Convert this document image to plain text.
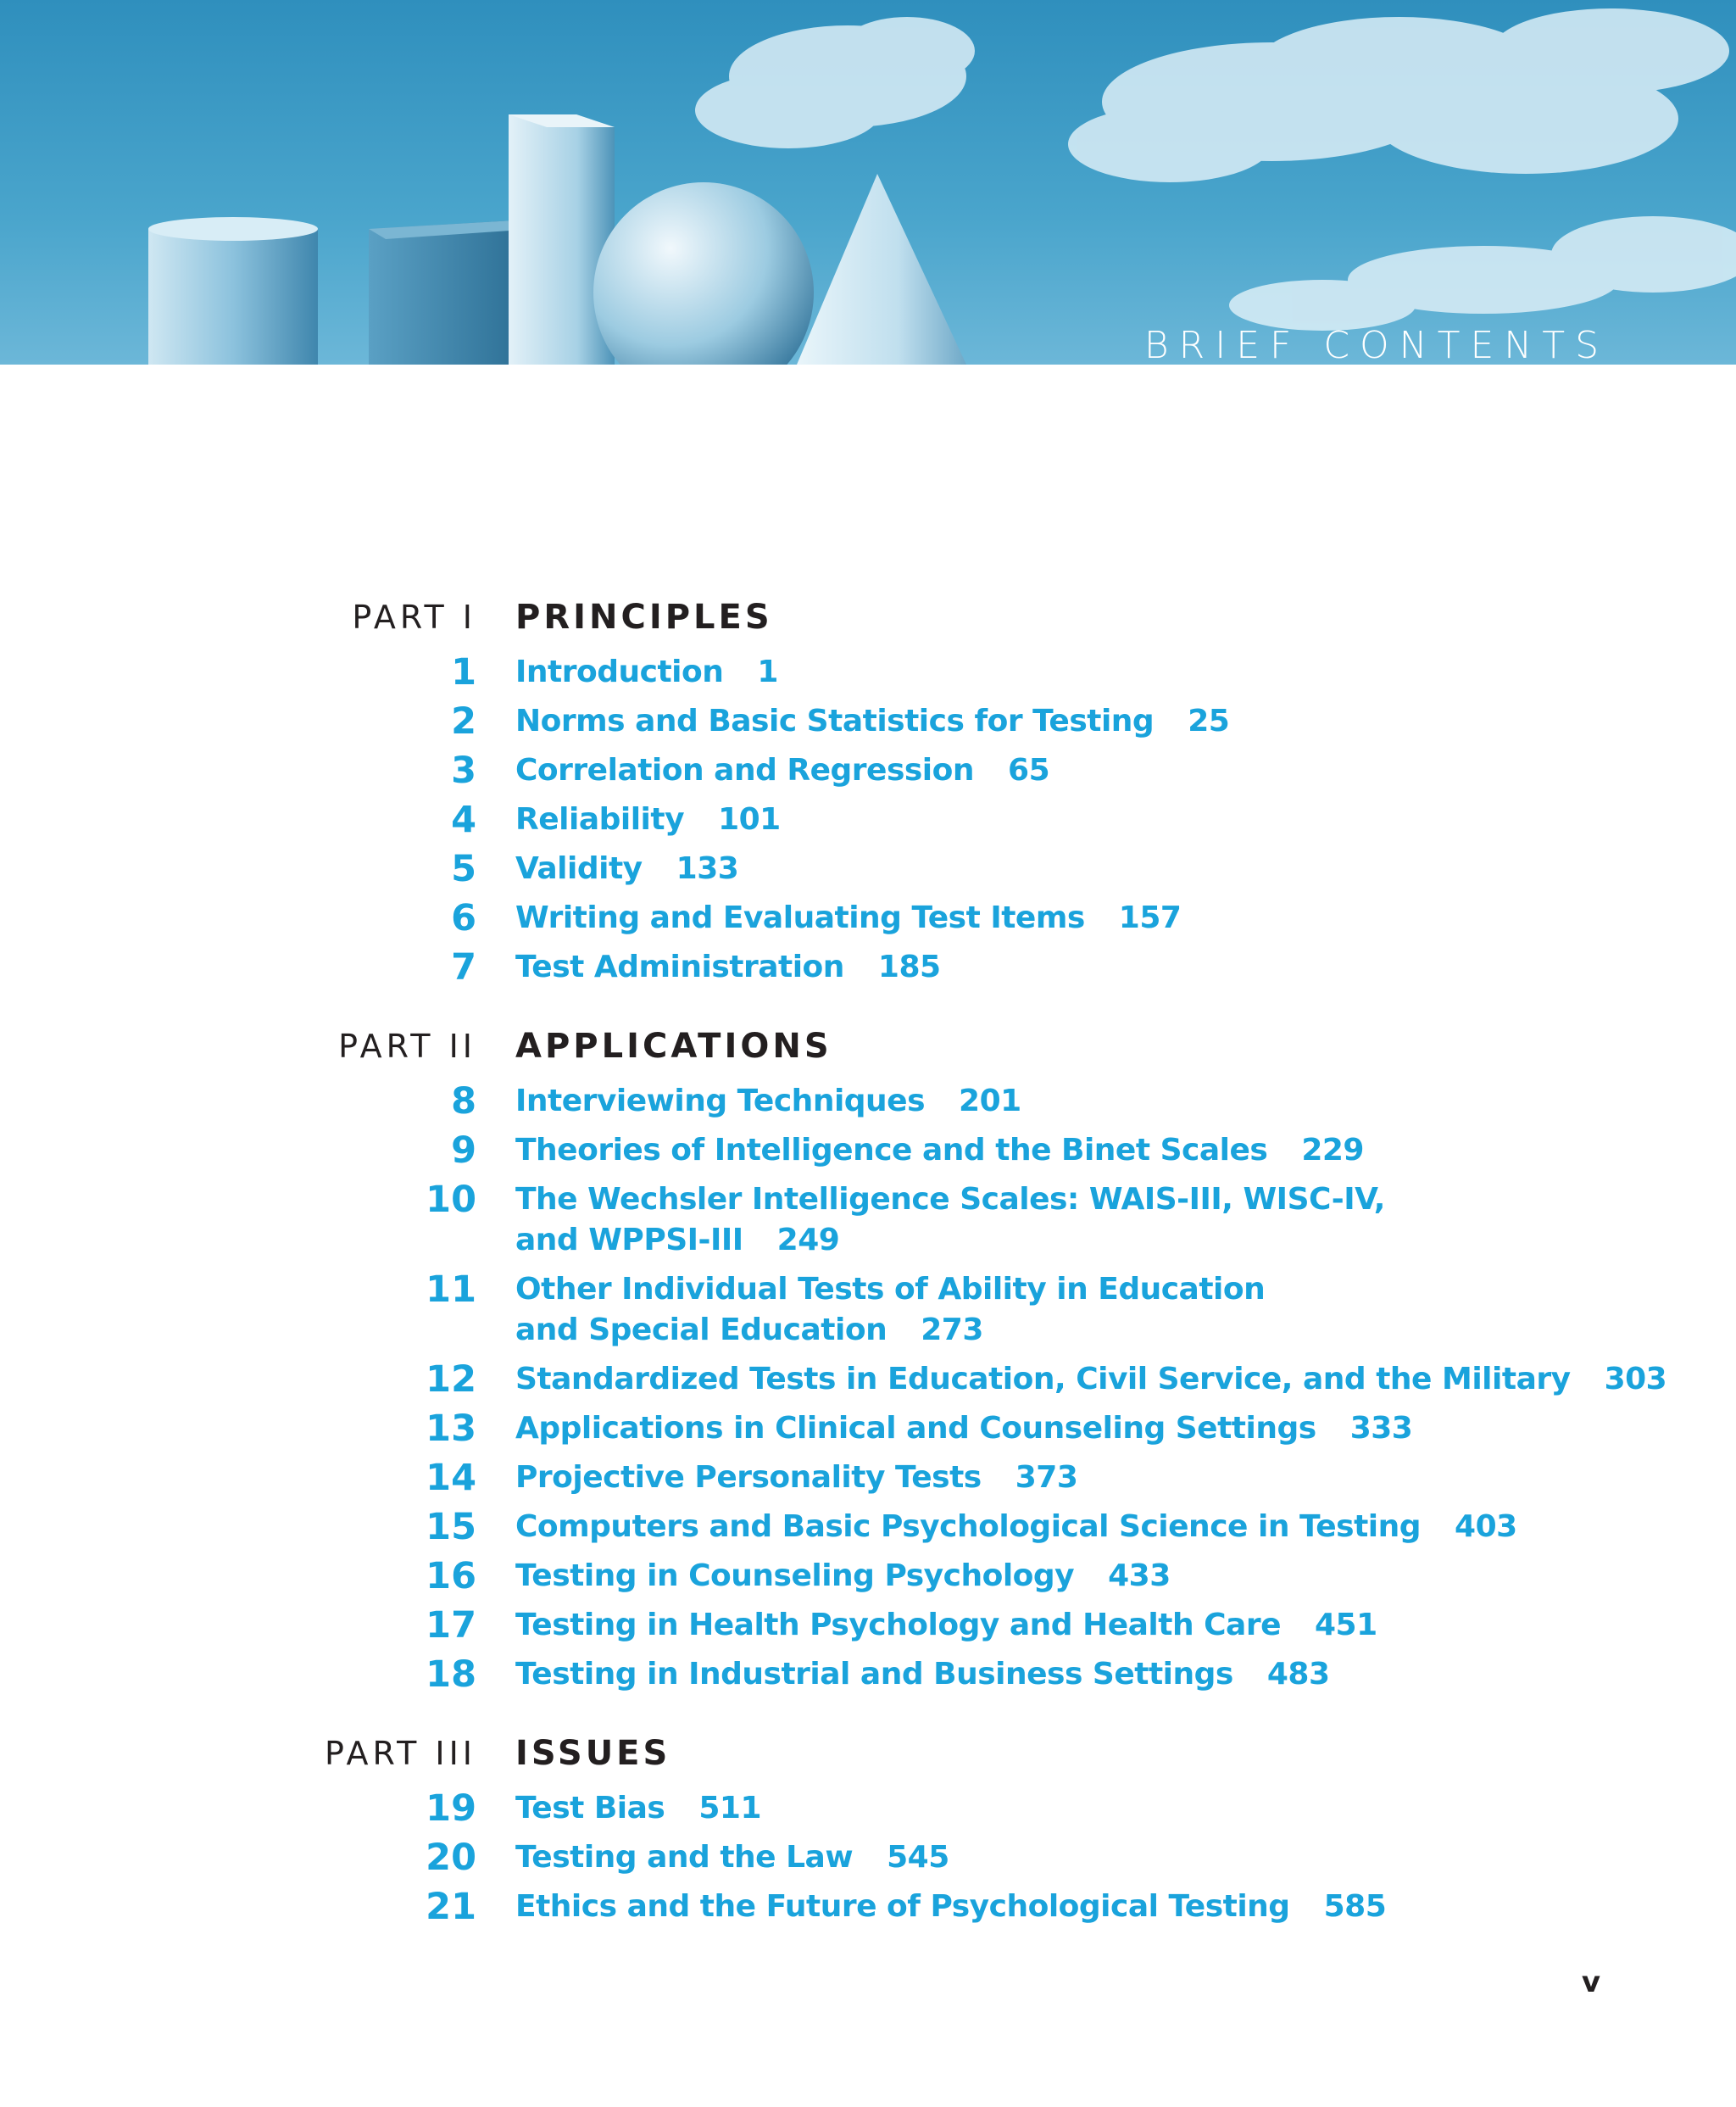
BRIEF CONTENTS
PART I	PRINCIPLES
1	Introduction 1
2	Norms and Basic Statistics for Testing 25
3	Correlation and Regression 65
4	Reliability 101
5	Validity 133
6	Writing and Evaluating Test Items 157
7	Test Administration 185
PART II	APPLICATIONS
8	Interviewing Techniques 201
9	Theories of Intelligence and the Binet Scales 229
10	The Wechsler Intelligence Scales: WAIS-III, WISC-IV,
and WPPSI-III 249
11	Other Individual Tests of Ability in Education
and Special Education 273
12	Standardized Tests in Education, Civil Service, and the Military 303
13	Applications in Clinical and Counseling Settings 333
14	Projective Personality Tests 373
15	Computers and Basic Psychological Science in Testing 403
16	Testing in Counseling Psychology 433
17	Testing in Health Psychology and Health Care 451
18	Testing in Industrial and Business Settings 483
PART III	ISSUES
19	Test Bias 511
20	Testing and the Law 545
21	Ethics and the Future of Psychological Testing 585
v
